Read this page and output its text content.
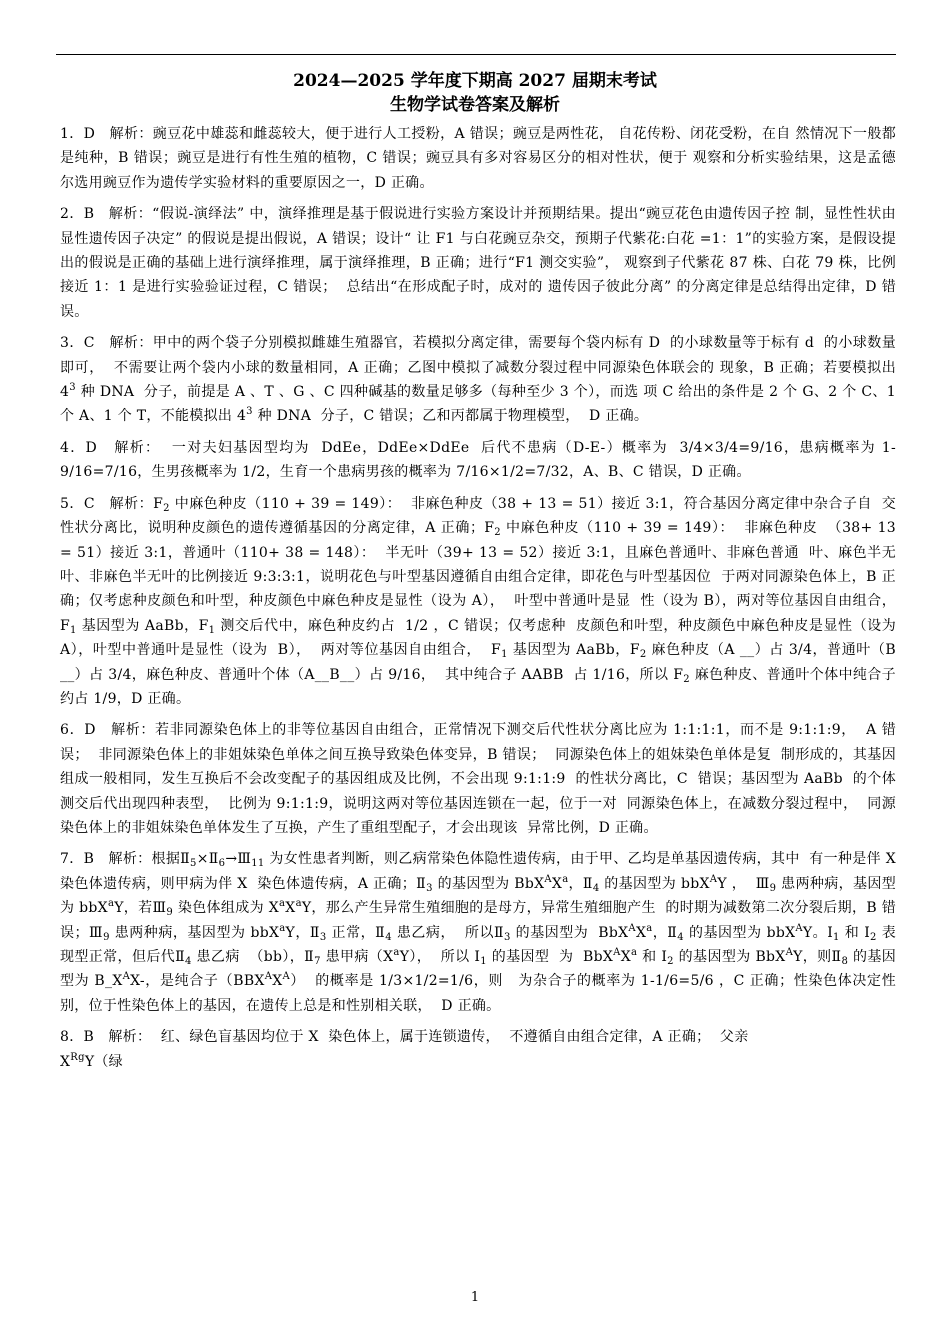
2024—2025 学年度下期高 2027 届期末考试
生物学试卷答案及解析
1．D   解析：豌豆花中雄蕊和雌蕊较大，便于进行人工授粉，A 错误；豌豆是两性花， 自花传粉、闭花受粉，在自 然情况下一般都是纯种，B 错误；豌豆是进行有性生殖的植物，C 错误；豌豆具有多对容易区分的相对性状，便于 观察和分析实验结果，这是孟德尔选用豌豆作为遗传学实验材料的重要原因之一，D 正确。
2．B   解析：“假说-演绎法” 中，演绎推理是基于假说进行实验方案设计并预期结果。提出“豌豆花色由遗传因子控 制，显性性状由显性遗传因子决定” 的假说是提出假说，A 错误；设计“ 让 F1 与白花豌豆杂交，预期子代紫花:白花 =1：1”的实验方案，是假设提出的假说是正确的基础上进行演绎推理，属于演绎推理，B 正确；进行“F1 测交实验”， 观察到子代紫花 87 株、白花 79 株，比例接近 1：1 是进行实验验证过程，C 错误；  总结出“在形成配子时，成对的 遗传因子彼此分离” 的分离定律是总结得出定律，D 错误。
3．C   解析：甲中的两个袋子分别模拟雌雄生殖器官，若模拟分离定律，需要每个袋内标有 D  的小球数量等于标有 d  的小球数量即可，  不需要让两个袋内小球的数量相同，A 正确；乙图中模拟了减数分裂过程中同源染色体联会的 现象，B 正确；若要模拟出 $4^3$ 种 DNA  分子，前提是 A 、T 、G 、C 四种碱基的数量足够多（每种至少 3 个），而选 项 C 给出的条件是 2 个 G、2 个 C、1 个 A、1 个 T，不能模拟出 $4^3$ 种 DNA  分子，C 错误；乙和丙都属于物理模型，  D 正确。
4．D   解析：  一对夫妇基因型均为  DdEe，DdEe×DdEe  后代不患病（D-E-）概率为  3/4×3/4=9/16，患病概率为 1- 9/16=7/16，生男孩概率为 1/2，生育一个患病男孩的概率为 7/16×1/2=7/32，A、B、C 错误，D 正确。
5．C   解析：$F_2$ 中麻色种皮（110 + 39 = 149）：  非麻色种皮（38 + 13 = 51）接近 3:1，符合基因分离定律中杂合子自  交性状分离比，说明种皮颜色的遗传遵循基因的分离定律，A 正确；$F_2$ 中麻色种皮（110 + 39 = 149）：  非麻色种皮  （38+ 13 = 51）接近 3:1，普通叶（110+ 38 = 148）：  半无叶（39+ 13 = 52）接近 3:1，且麻色普通叶、非麻色普通  叶、麻色半无叶、非麻色半无叶的比例接近 9:3:3:1，说明花色与叶型基因遵循自由组合定律，即花色与叶型基因位  于两对同源染色体上，B 正确；仅考虑种皮颜色和叶型，种皮颜色中麻色种皮是显性（设为 A），  叶型中普通叶是显  性（设为 B），两对等位基因自由组合，$F_1$ 基因型为 AaBb，$F_1$ 测交后代中，麻色种皮约占  1/2 ，C 错误；仅考虑种  皮颜色和叶型，种皮颜色中麻色种皮是显性（设为  A），叶型中普通叶是显性（设为  B），  两对等位基因自由组合，  $F_1$ 基因型为 AaBb，$F_2$ 麻色种皮（A __）占 3/4，普通叶（B __）占 3/4，麻色种皮、普通叶个体（A__B__）占 9/16，  其中纯合子 AABB  占 1/16，所以 $F_2$ 麻色种皮、普通叶个体中纯合子约占 1/9，D 正确。
6．D   解析：若非同源染色体上的非等位基因自由组合，正常情况下测交后代性状分离比应为 1:1:1:1，而不是 9:1:1:9，  A 错误；  非同源染色体上的非姐妹染色单体之间互换导致染色体变异，B 错误；  同源染色体上的姐妹染色单体是复  制形成的，其基因组成一般相同，发生互换后不会改变配子的基因组成及比例，不会出现 9:1:1:9  的性状分离比，C  错误；基因型为 AaBb  的个体测交后代出现四种表型，  比例为 9:1:1:9，说明这两对等位基因连锁在一起，位于一对  同源染色体上，在减数分裂过程中，  同源染色体上的非姐妹染色单体发生了互换，产生了重组型配子，才会出现该  异常比例，D 正确。
7．B   解析：根据$Ⅱ_5\times Ⅱ_6\to Ⅲ_{11}$ 为女性患者判断，则乙病常染色体隐性遗传病，由于甲、乙均是单基因遗传病，其中  有一种是伴 X  染色体遗传病，则甲病为伴 X  染色体遗传病，A 正确；$Ⅱ_3$ 的基因型为 $BbX^AX^a$，$Ⅱ_4$ 的基因型为 bbX$^A$Y ，  $Ⅲ_9$ 患两种病，基因型为 bbX$^a$Y，若$Ⅲ_9$ 染色体组成为 $X^aX^aY$，那么产生异常生殖细胞的是母方，异常生殖细胞产生  的时期为减数第二次分裂后期，B 错误；$Ⅲ_9$ 患两种病，基因型为 bbX$^a$Y，$Ⅱ_3$ 正常，$Ⅱ_4$ 患乙病，  所以$Ⅱ_3$ 的基因型为  $BbX^AX^a$，$Ⅱ_4$ 的基因型为 bbX$^A$Y。$I_1$ 和 $I_2$ 表现型正常，但后代$Ⅱ_4$ 患乙病  （bb），$Ⅱ_7$ 患甲病$(X^aY)$，  所以 $I_1$ 的基因型  为  $BbX^AX^a$ 和 $I_2$ 的基因型为 BbX$^A$Y，则$Ⅱ_8$ 的基因型为 $B\_X^AX-$，是纯合子$(BBX^AX^A)$  的概率是 1/3×1/2=1/6，则   为杂合子的概率为 1-1/6=5/6 ，C 正确；性染色体决定性别，位于性染色体上的基因，在遗传上总是和性别相关联，  D 正确。
8．B   解析：  红、绿色盲基因均位于 X  染色体上，属于连锁遗传，  不遵循自由组合定律，A 正确；  父亲
$X^{Rg}Y$（绿
1
